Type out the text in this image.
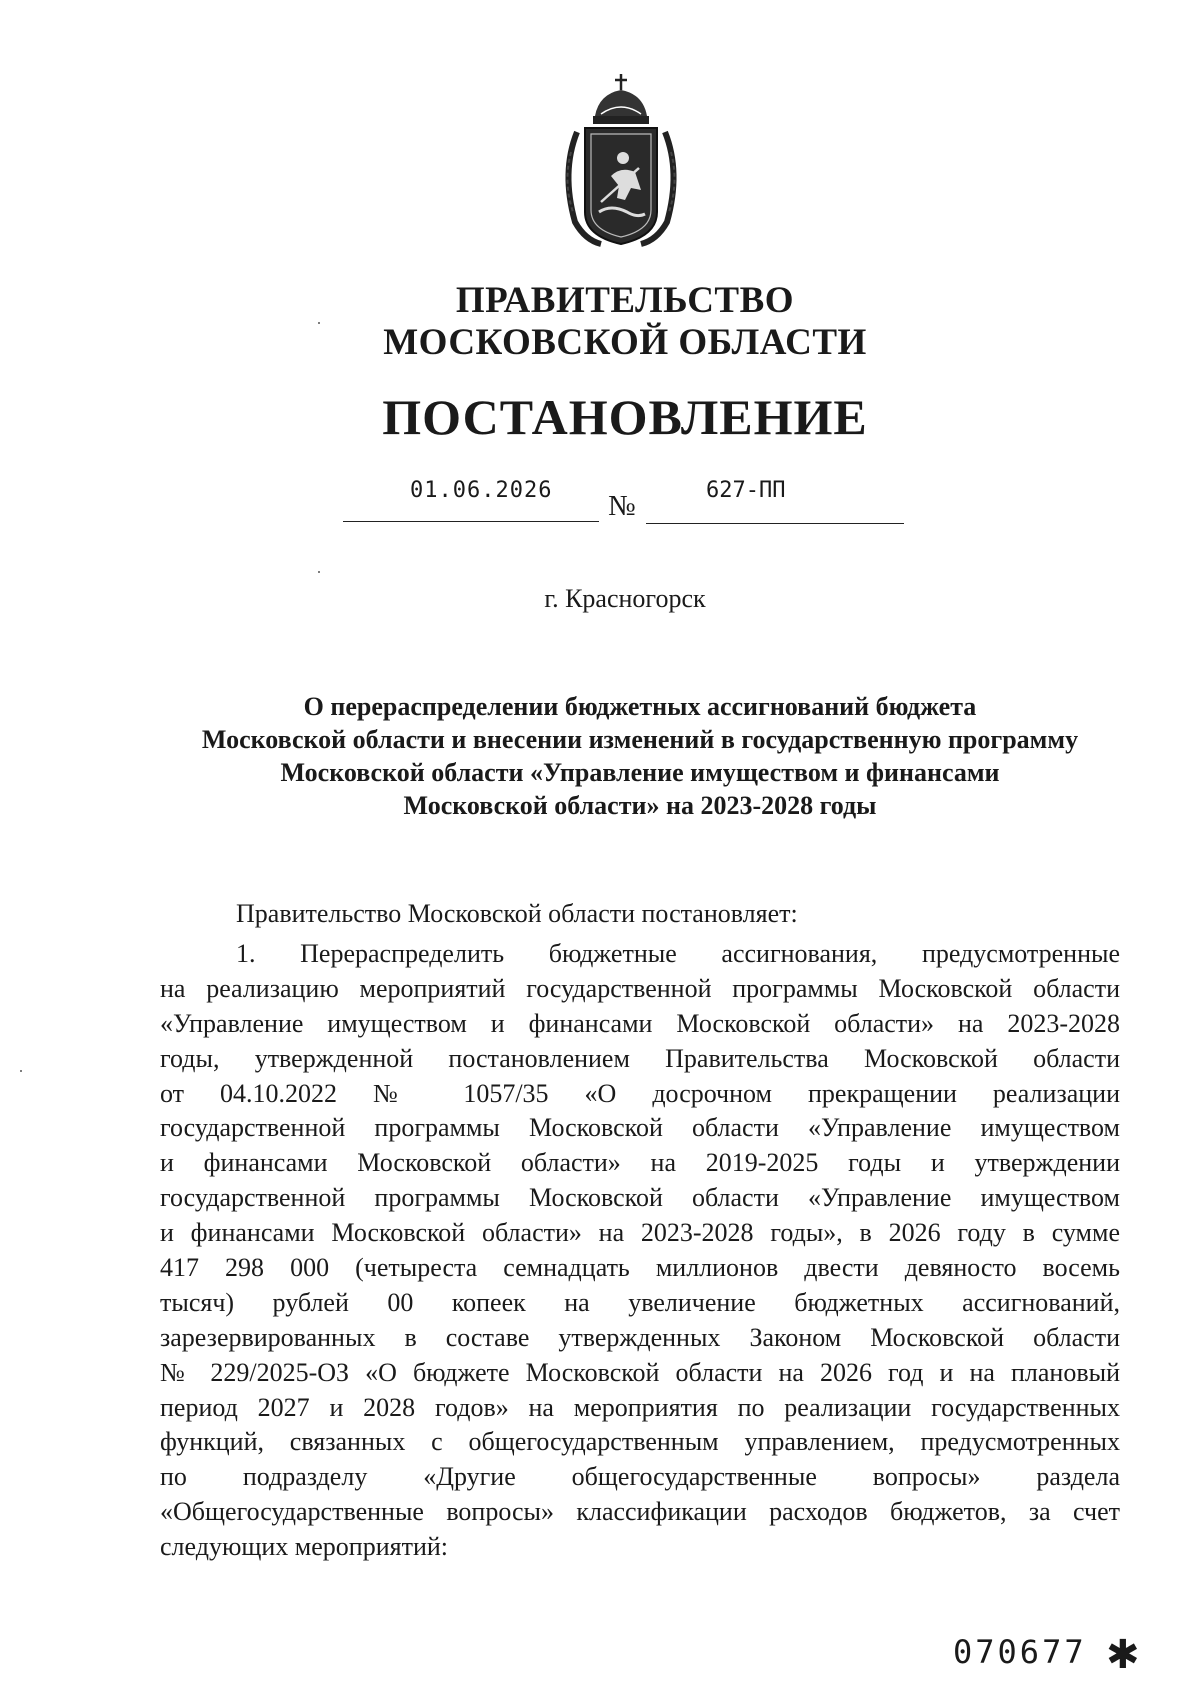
ПРАВИТЕЛЬСТВО
МОСКОВСКОЙ ОБЛАСТИ
ПОСТАНОВЛЕНИЕ
01.06.2026 №	627-ПП
г. Красногорск
О перераспределении бюджетных ассигнований бюджета
Московской области и внесении изменений в государственную программу
Московской области «Управление имуществом и финансами
Московской области» на 2023-2028 годы
Правительство Московской области постановляет:
1. Перераспределить бюджетные ассигнования, предусмотренные
на реализацию мероприятий государственной программы Московской области
«Управление имуществом и финансами Московской области» на 2023-2028
годы, утвержденной постановлением Правительства Московской области
от 04.10.2022 № 1057/35 «О досрочном прекращении реализации
государственной программы Московской области «Управление имуществом
и финансами Московской области» на 2019-2025 годы и утверждении
государственной программы Московской области «Управление имуществом
и финансами Московской области» на 2023-2028 годы», в 2026 году в сумме
417 298 000 (четыреста семнадцать миллионов двести девяносто восемь
тысяч) рублей 00 копеек на увеличение бюджетных ассигнований,
зарезервированных в составе утвержденных Законом Московской области
№ 229/2025-ОЗ «О бюджете Московской области на 2026 год и на плановый
период 2027 и 2028 годов» на мероприятия по реализации государственных
функций, связанных с общегосударственным управлением, предусмотренных
по подразделу «Другие общегосударственные вопросы» раздела
«Общегосударственные вопросы» классификации расходов бюджетов, за счет
следующих мероприятий:
070677 ✱
